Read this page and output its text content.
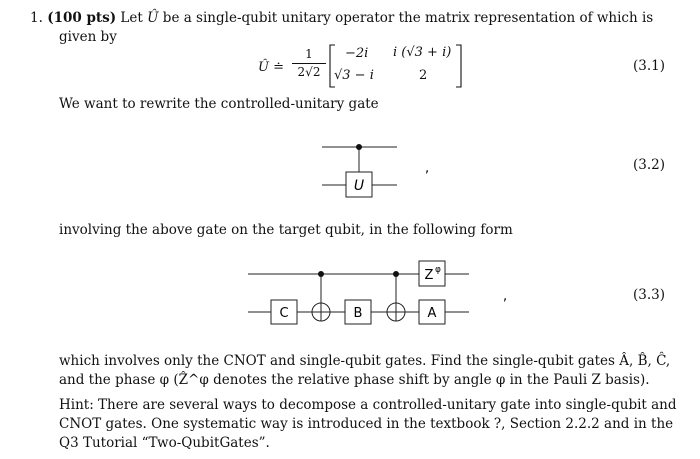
1. (100 pts) Let Û be a single-qubit unitary operator the matrix representation of which is
given by
Û ≐
1
2√2
−2i i (√3 + i)
√3 − i	2
(3.1)
We want to rewrite the controlled-unitary gate
U
,	(3.2)
involving the above gate on the target qubit, in the following form
C	B
Z φ
A
,	(3.3)
which involves only the CNOT and single-qubit gates. Find the single-qubit gates Â, B̂, Ĉ,
and the phase φ (Ẑ^φ denotes the relative phase shift by angle φ in the Pauli Z basis).
Hint: There are several ways to decompose a controlled-unitary gate into single-qubit and
CNOT gates. One systematic way is introduced in the textbook ?, Section 2.2.2 and in the
Q3 Tutorial “Two-QubitGates”.
